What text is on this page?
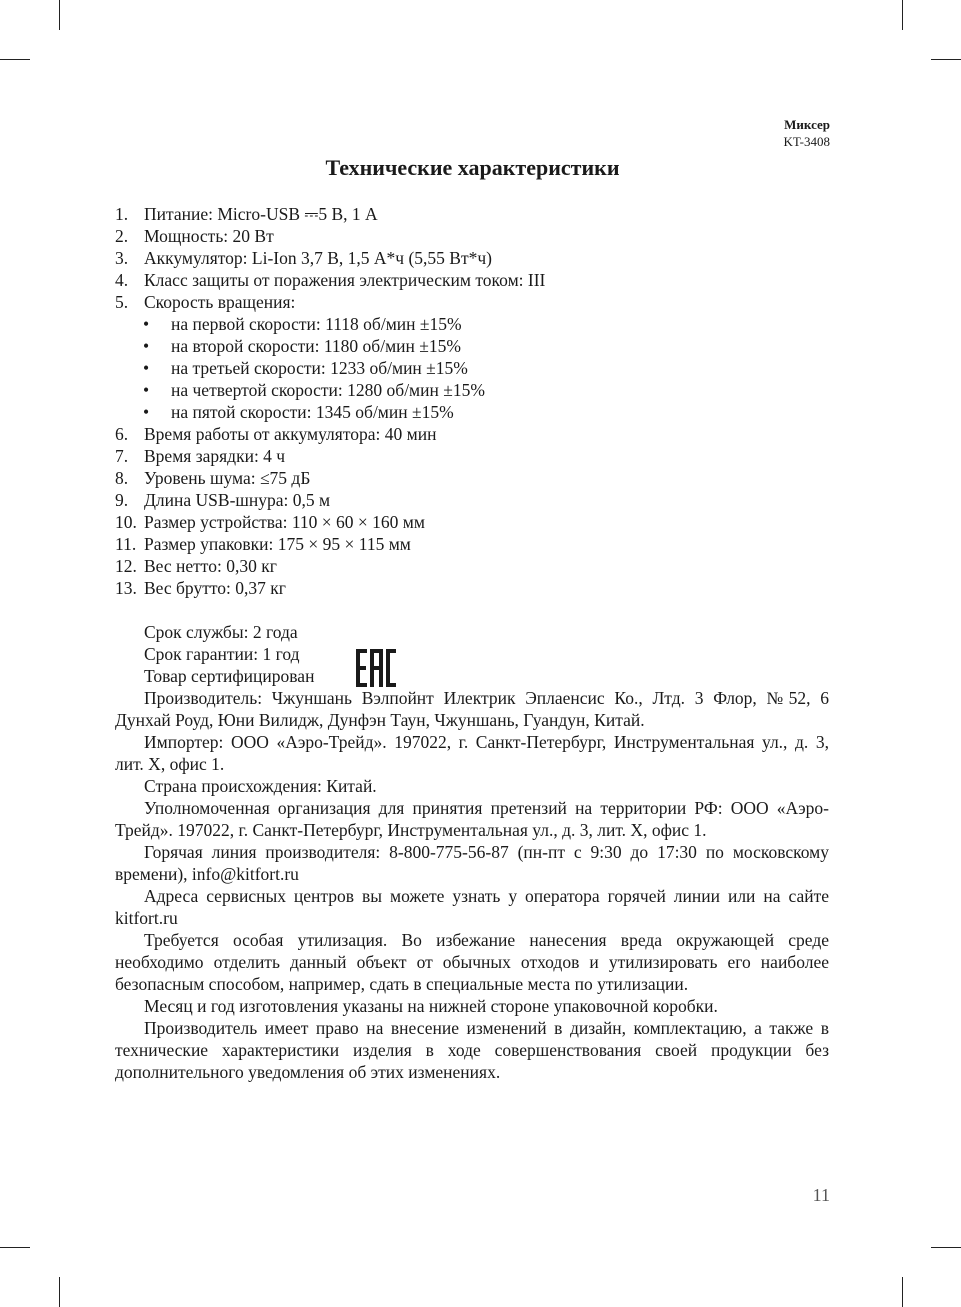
Миксер
KT-3408
Технические характеристики
1. Питание: Micro-USB ⎓5 В, 1 А
2. Мощность: 20 Вт
3. Аккумулятор: Li-Ion 3,7 В, 1,5 А*ч (5,55 Вт*ч)
4. Класс защиты от поражения электрическим током: III
5. Скорость вращения:
•	на первой скорости: 1118 об/мин ±15%
•	на второй скорости: 1180 об/мин ±15%
•	на третьей скорости: 1233 об/мин ±15%
•	на четвертой скорости: 1280 об/мин ±15%
•	на пятой скорости: 1345 об/мин ±15%
6. Время работы от аккумулятора: 40 мин
7. Время зарядки: 4 ч
8. Уровень шума: ≤75 дБ
9. Длина USB-шнура: 0,5 м
10. Размер устройства: 110 × 60 × 160 мм
11. Размер упаковки: 175 × 95 × 115 мм
12. Вес нетто: 0,30 кг
13. Вес брутто: 0,37 кг
Срок службы: 2 года
Срок гарантии: 1 год
Товар сертифицирован

Производитель: Чжуншань Вэлпойнт Илектрик Эплаенсис Ко., Лтд. 3 Флор, №52, 6 Дунхай Роуд, Юни Вилидж, Дунфэн Таун, Чжуншань, Гуандун, Китай.

Импортер: ООО «Аэро-Трейд». 197022, г. Санкт-Петербург, Инструментальная ул., д. 3, лит. Х, офис 1.

Страна происхождения: Китай.

Уполномоченная организация для принятия претензий на территории РФ: ООО «Аэро-Трейд». 197022, г. Санкт-Петербург, Инструментальная ул., д. 3, лит. Х, офис 1.

Горячая линия производителя: 8-800-775-56-87 (пн-пт с 9:30 до 17:30 по московскому времени), info@kitfort.ru

Адреса сервисных центров вы можете узнать у оператора горячей линии или на сайте kitfort.ru

Требуется особая утилизация. Во избежание нанесения вреда окружающей среде необходимо отделить данный объект от обычных отходов и утилизировать его наиболее безопасным способом, например, сдать в специальные места по утилизации.

Месяц и год изготовления указаны на нижней стороне упаковочной коробки.

Производитель имеет право на внесение изменений в дизайн, комплектацию, а также в технические характеристики изделия в ходе совершенствования своей продукции без дополнительного уведомления об этих изменениях.

11
